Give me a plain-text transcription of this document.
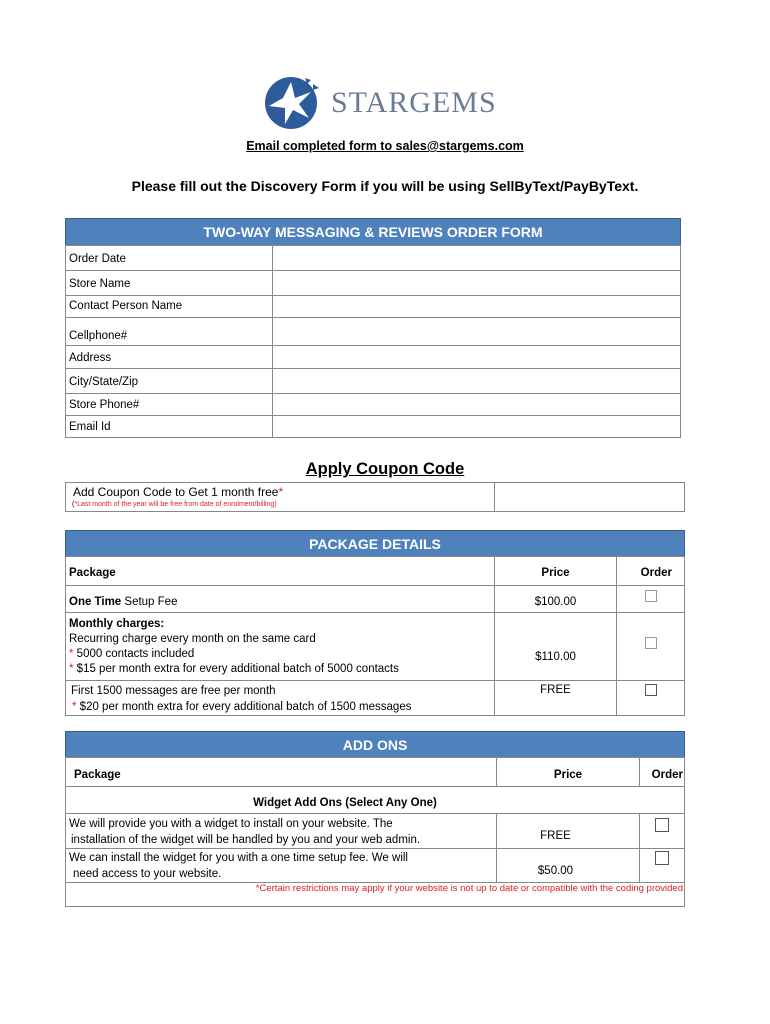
STARGEMS
Email completed form to sales@stargems.com
Please fill out the Discovery Form if you will be using SellByText/PayByText.
TWO-WAY MESSAGING & REVIEWS ORDER FORM
Order Date	
Store Name	
Contact Person Name	
Cellphone#	
Address	
City/State/Zip	
Store Phone#	
Email Id	
Apply Coupon Code
Add Coupon Code to Get 1 month free*
(*Last month of the year will be free from date of enrolment/billing)

PACKAGE DETAILS
Package	Price	Order
One Time Setup Fee	$100.00	

Monthly charges:
Recurring charge every month on the same card
* 5000 contacts included
* $15 per month extra for every additional batch of 5000 contacts	$110.00	

First 1500 messages are free per month
* $20 per month extra for every additional batch of 1500 messages	FREE	
ADD ONS
Package	Price	Order
Widget Add Ons (Select Any One)		

We will provide you with a widget to install on your website. The
installation of the widget will be handled by you and your web admin.	FREE	

We can install the widget for you with a one time setup fee. We will
need access to your website.	$50.00	
*Certain restrictions may apply if your website is not up to date or compatible with the coding provided		
